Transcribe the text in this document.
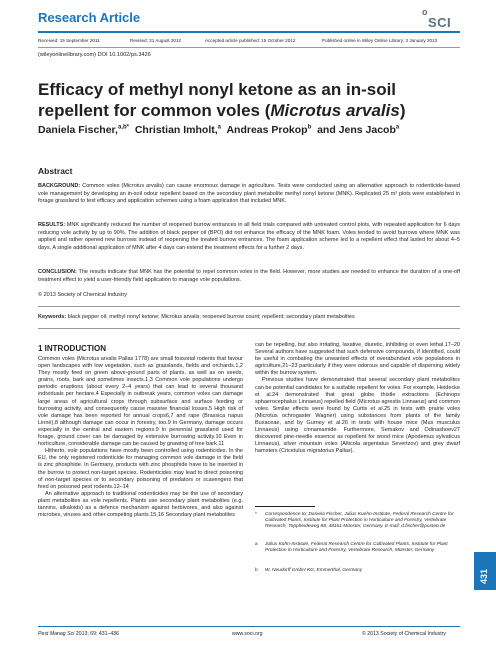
Research Article	o
SCI
Received: 15 September 2011	Revised: 31 August 2012	Accepted article published: 15 October 2012	Published online in Wiley Online Library: 3 January 2013
(wileyonlinelibrary.com) DOI 10.1002/ps.3426
Efficacy of methyl nonyl ketone as an in-soil repellent for common voles (Microtus arvalis)
Daniela Fischer,$^{a,b*}$ Christian Imholt,$^a$ Andreas Prokop$^b$ and Jens Jacob$^a$
Abstract
BACKGROUND: Common voles (Microtus arvalis) can cause enormous damage in agriculture. Tests were conducted using an alternative approach to rodenticide-based vole management by developing an in-soil odour repellent based on the secondary plant metabolite methyl nonyl ketone (MNK). Replicated 25 m² plots were established in forage grassland to test efficacy and application schemes using a foam application that included MNK.
RESULTS: MNK significantly reduced the number of reopened burrow entrances in all field trials compared with untreated control plots, with repeated application for 6 days reducing vole activity by up to 90%. The addition of black pepper oil (BPO) did not enhance the efficacy of the MNK foam. Voles tended to avoid burrows where MNK was applied and rather opened new burrows instead of reopening the treated burrow entrances. The foam application scheme led to a repellent effect that lasted for about 4–5 days. A single additional application of MNK after 4 days can extend the treatment effects for a further 2 days.
CONCLUSION: The results indicate that MNK has the potential to repel common voles in the field. However, more studies are needed to enhance the duration of a one-off treatment effect to yield a user-friendly field application to manage vole populations.
© 2013 Society of Chemical Industry
Keywords: black pepper oil; methyl nonyl ketone; Microtus arvalis; reopened burrow count; repellent; secondary plant metabolites
1 INTRODUCTION

Common voles (Microtus arvalis Pallas 1778) are small fossorial rodents that favour open landscapes with low vegetation, such as grasslands, fields and orchards.1,2 They mostly feed on green above-ground parts of plants, as well as on seeds, grains, roots, bark and sometimes insects.1,3 Common vole populations undergo periodic eruptions (about every 2–4 years) that can lead to several thousand individuals per hectare.4 Especially in outbreak years, common voles can damage large areas of agricultural crops through subsurface and surface feeding or burrowing activity, and consequently cause massive financial losses.5 High risk of vole damage has been reported for annual crops6,7 and rape (Brassica napus Linné),8 although damage can occur in forestry, too.9 In Germany, damage occurs especially in the central and eastern regions.9 In perennial grassland used for forage, ground cover can be damaged by extensive burrowing activity.10 Even in horticulture, considerable damage can be caused by gnawing of tree bark.11

Hitherto, vole populations have mostly been controlled using rodenticides. In the EU, the only registered rodenticide for managing common vole damage in the field is zinc phosphide. In Germany, products with zinc phosphide have to be inserted in the burrow to protect non-target species. Rodenticides may lead to direct poisoning of non-target species or to secondary poisoning of predators or scavengers that feed on poisoned pest rodents.12–14

An alternative approach to traditional rodenticides may be the use of secondary plant metabolites as vole repellents. Plants use secondary plant metabolites (e.g. tannins, alkaloids) as a defence mechanism against herbivores, and also against microbes, viruses and other competing plants.15,16 Secondary plant metabolites

can be repelling, but also irritating, laxative, diuretic, inhibiting or even lethal.17–20 Several authors have suggested that such defensive compounds, if identified, could be useful in combating the unwanted effects of overabundant vole populations in agriculture,21–23 particularly if they were odorous and capable of dispersing widely within the burrow system.

Previous studies have demonstrated that several secondary plant metabolites can be potential candidates for a suitable repellent for voles. For example, Heidecke et al.24 demonstrated that great globe thistle extractions (Echinops sphaerocephalus Linnaeus) repelled field (Microtus agrestis Linnaeus) and common voles. Similar effects were found by Curtis et al.25 in tests with prairie voles (Microtus ochrogaster Wagner) using substances from plants of the family Buxaceae, and by Gurney et al.26 in tests with house mice (Mus musculus Linnaeus) using cinnamamide. Furthermore, Semakov and Odinashoev27 discovered pine-needle essence as repellent for wood mice (Apodemus sylvaticus Linnaeus), silver mountain voles (Alticola argentatus Severtzov) and grey dwarf hamsters (Cricetulus migratorius Pallas).

*	Correspondence to: Daniela Fischer, Julius Kuehn-Institute, Federal Research Centre for Cultivated Plants, Institute for Plant Protection in Horticulture and Forestry, Vertebrate Research, Toppheideweg 88, 48161 Münster, Germany. E-mail: d.fischer@posteo.de
a	Julius Kühn-Institute, Federal Research Centre for Cultivated Plants, Institute for Plant Protection in Horticulture and Forestry, Vertebrate Research, Münster, Germany
b	W. Neudorff GmbH KG, Emmerthal, Germany	431
Pest Manag Sci 2013; 69: 431–436	www.soci.org	© 2013 Society of Chemical Industry
